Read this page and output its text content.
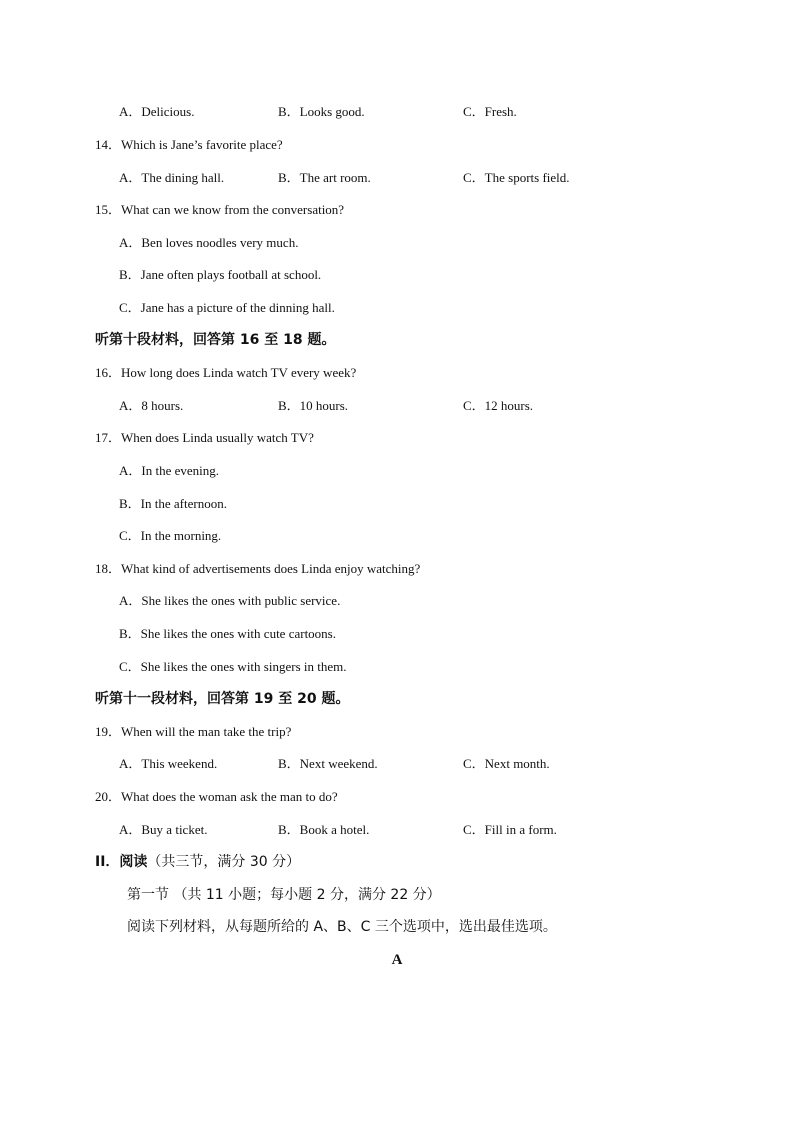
A．Delicious.	B．Looks good.	C．Fresh.
14．Which is Jane’s favorite place?
A．The dining hall.	B．The art room.	C．The sports field.
15．What can we know from the conversation?
A．Ben loves noodles very much.
B．Jane often plays football at school.
C．Jane has a picture of the dinning hall.
听第十段材料，回答第 16 至 18 题。
16．How long does Linda watch TV every week?
A．8 hours.	B．10 hours.	C．12 hours.
17．When does Linda usually watch TV?
A．In the evening.
B．In the afternoon.
C．In the morning.
18．What kind of advertisements does Linda enjoy watching?
A．She likes the ones with public service.
B．She likes the ones with cute cartoons.
C．She likes the ones with singers in them.
听第十一段材料，回答第 19 至 20 题。
19．When will the man take the trip?
A．This weekend.	B．Next weekend.	C．Next month.
20．What does the woman ask the man to do?
A．Buy a ticket.	B．Book a hotel.	C．Fill in a form.
II．阅读（共三节，满分 30 分）
第一节 （共 11 小题；每小题 2 分，满分 22 分）
阅读下列材料，从每题所给的 A、B、C 三个选项中，选出最佳选项。
A
